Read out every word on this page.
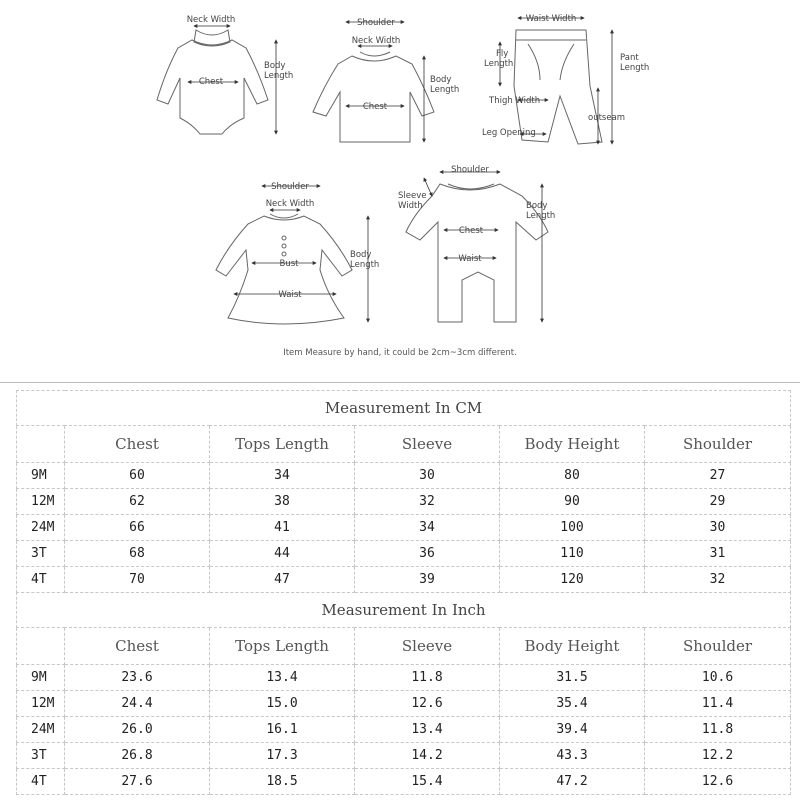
Neck Width
Chest
Body
Length
Shoulder
Neck Width
Chest
Body
Length
Waist Width
Fly
Length
Pant
Length
Thigh Width
outseam
Leg Opening
Shoulder
Neck Width
Bust
Waist
Body
Length
Shoulder
Sleeve
Width
Chest
Waist
Body
Length
Item Measure by hand, it could be 2cm~3cm different.
Measurement In CM					
	Chest	Tops Length	Sleeve	Body Height	Shoulder
9M	60	34	30	80	27
12M	62	38	32	90	29
24M	66	41	34	100	30
3T	68	44	36	110	31
4T	70	47	39	120	32
Measurement In Inch					
	Chest	Tops Length	Sleeve	Body Height	Shoulder
9M	23.6	13.4	11.8	31.5	10.6
12M	24.4	15.0	12.6	35.4	11.4
24M	26.0	16.1	13.4	39.4	11.8
3T	26.8	17.3	14.2	43.3	12.2
4T	27.6	18.5	15.4	47.2	12.6
